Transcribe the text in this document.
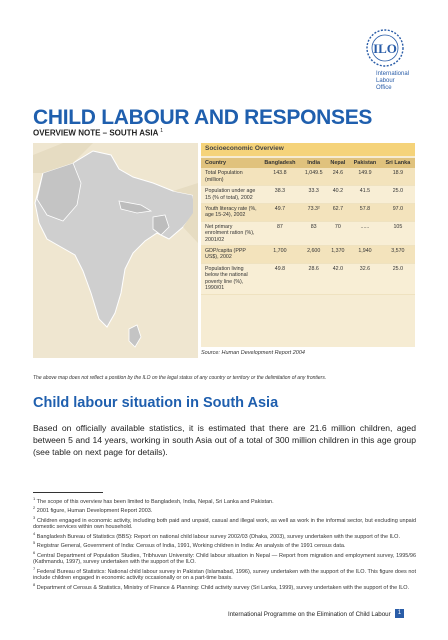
ILO
International
Labour
Office
CHILD LABOUR AND RESPONSES
OVERVIEW NOTE – SOUTH ASIA $^1$
Socioeconomic Overview
Country	Bangladesh	India	Nepal	Pakistan	Sri Lanka
Total Population (million)	143.8	1,049.5	24.6	149.9	18.9
Population under age 15 (% of total), 2002	38.3	33.3	40.2	41.5	25.0
Youth literacy rate (%, age 15-24), 2002	49.7	73.3²	62.7	57.8	97.0
Net primary enrolment ration (%), 2001/02	87	83	70	......	105
GDP/capita (PPP US$), 2002	1,700	2,600	1,370	1,940	3,570
Population living below the national poverty line (%), 1990/01	49.8	28.6	42.0	32.6	25.0
Source: Human Development Report 2004
The above map does not reflect a position by the ILO on the legal status of any country or territory or the delimitation of any frontiers.
Child labour situation in South Asia
Based on officially available statistics, it is estimated that there are 21.6 million children, aged between 5 and 14 years, working in south Asia out of a total of 300 million children in this age group (see table on next page for details).
$^1$ The scope of this overview has been limited to Bangladesh, India, Nepal, Sri Lanka and Pakistan.
$^2$ 2001 figure, Human Development Report 2003.
$^3$ Children engaged in economic activity, including both paid and unpaid, casual and illegal work, as well as work in the informal sector, but excluding unpaid domestic services within own household.
$^4$ Bangladesh Bureau of Statistics (BBS): Report on national child labour survey 2002/03 (Dhaka, 2003), survey undertaken with the support of the ILO.
$^5$ Registrar General, Government of India: Census of India, 1991, Working children in India: An analysis of the 1991 census data.
$^6$ Central Department of Population Studies, Tribhuvan University: Child labour situation in Nepal — Report from migration and employment survey, 1995/96 (Kathmandu, 1997), survey undertaken with the support of the ILO.
$^7$ Federal Bureau of Statistics: National child labour survey in Pakistan (Islamabad, 1996), survey undertaken with the support of the ILO. This figure does not include children engaged in economic activity occasionally or on a part-time basis.
$^8$ Department of Census & Statistics, Ministry of Finance & Planning: Child activity survey (Sri Lanka, 1999), survey undertaken with the support of the ILO.
International Programme on the Elimination of Child Labour	1
